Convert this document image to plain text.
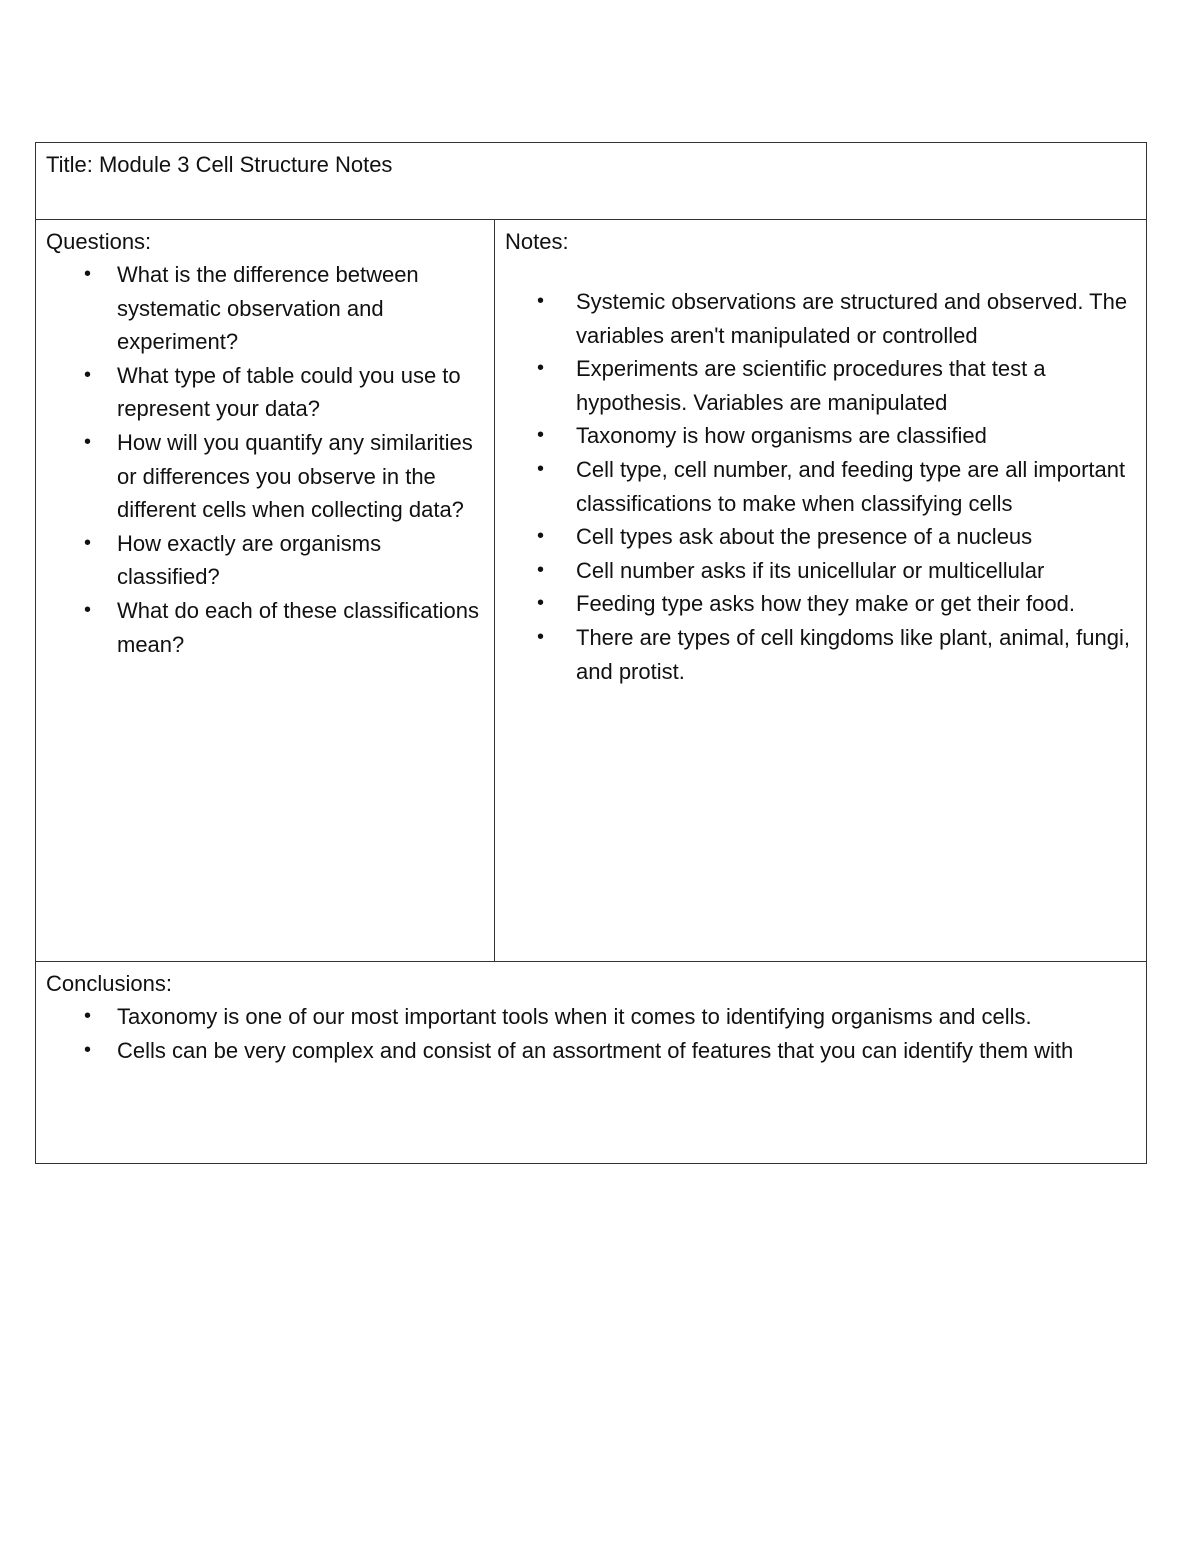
Title: Module 3 Cell Structure Notes

Questions:

• What is the difference between systematic observation and experiment?
• What type of table could you use to represent your data?
• How will you quantify any similarities or differences you observe in the different cells when collecting data?
• How exactly are organisms classified?
• What do each of these classifications mean?

Notes:

• Systemic observations are structured and observed. The variables aren't manipulated or controlled
• Experiments are scientific procedures that test a hypothesis. Variables are manipulated
• Taxonomy is how organisms are classified
• Cell type, cell number, and feeding type are all important classifications to make when classifying cells
• Cell types ask about the presence of a nucleus
• Cell number asks if its unicellular or multicellular
• Feeding type asks how they make or get their food.
• There are types of cell kingdoms like plant, animal, fungi, and protist.

Conclusions:

• Taxonomy is one of our most important tools when it comes to identifying organisms and cells.
• Cells can be very complex and consist of an assortment of features that you can identify them with
